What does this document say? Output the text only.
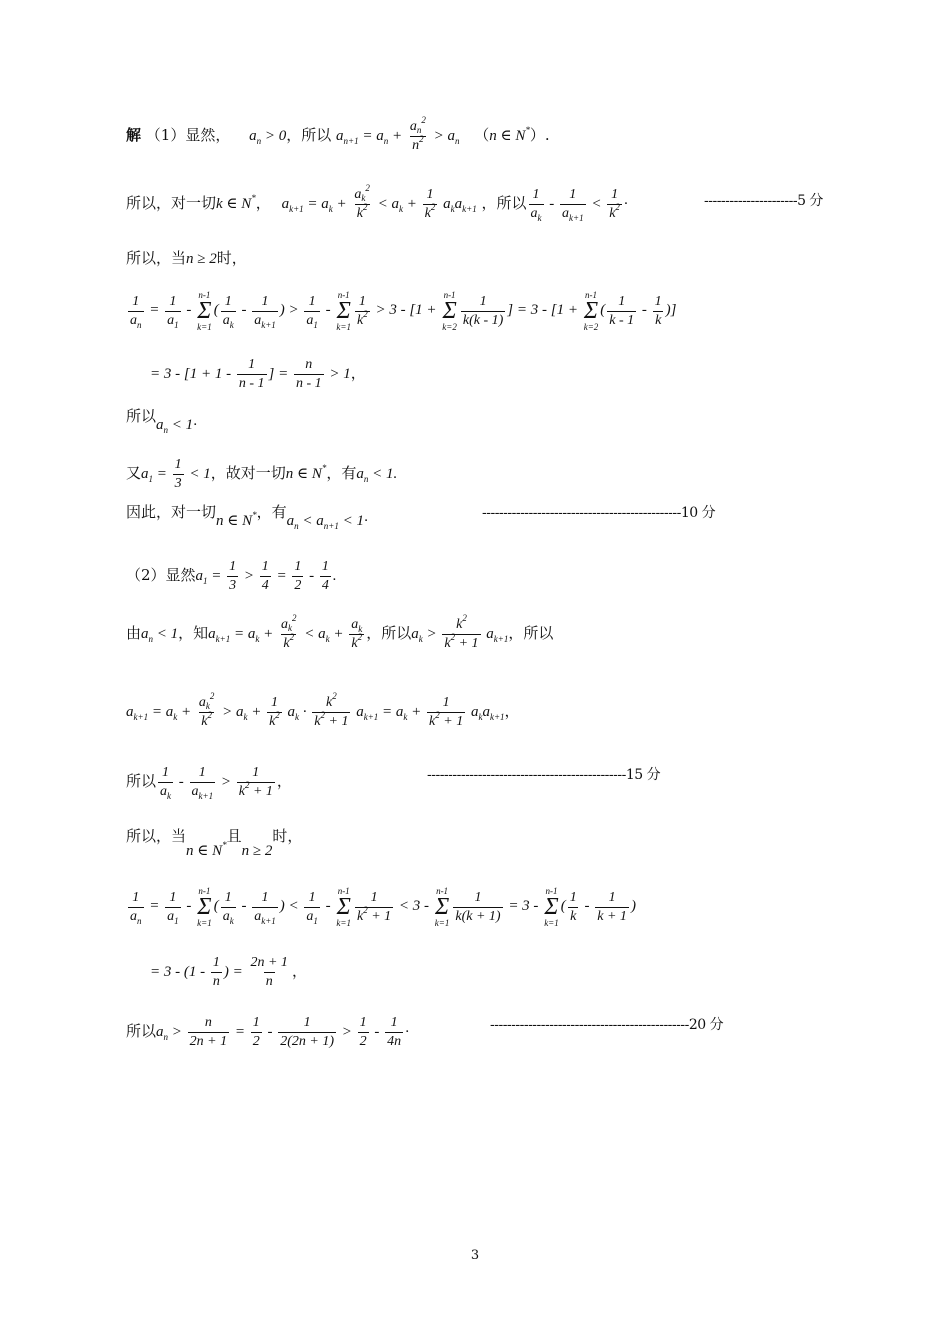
解 （1）显然， $a_n > 0$，所以 $a_{n+1} = a_n + \frac{a_n^2}{n^2} > a_n$ （n ∈ N*）.
所以，对一切k ∈ N*， $a_{k+1} = a_k + \frac{a_k^2}{k^2} < a_k + \frac{1}{k^2} a_ka_{k+1}$ ，所以 $\frac{1}{a_k} - \frac{1}{a_{k+1}} < \frac{1}{k^2}$ ·	----------------------5 分
所以，当n ≥ 2时，
$\frac{1}{a_n} = \frac{1}{a_1}$ -
n-1
Σ
k=1
( $\frac{1}{a_k} - \frac{1}{a_{k+1}}$ ) > $\frac{1}{a_1}$ -
n-1
Σ
$k=1 \frac{1}{k^2} > 3 - [1$ +
n-1
Σ
$k=2 \frac{1}{k(k - 1)}$ ] = 3 - [1 +
n-1
Σ
k=2
( $\frac{1}{k - 1} - \frac{1}{k}$ )]
= $3 - [1 + 1 - \frac{1}{n - 1}$ ] = $\frac{n}{n - 1} > 1$，
所以$a_n < 1\cdot$
又$a_1 = \frac{1}{3} < 1$，故对一切n ∈ N*，有$a_n < 1$.
因此，对一切n ∈ N*，有$a_n < a_{n+1} < 1\cdot$	-----------------------------------------------10 分
（2）显然$a_1 = \frac{1}{3} > \frac{1}{4} = \frac{1}{2} - \frac{1}{4}$ .
由$a_n < 1$，知$a_{k+1} = a_k + \frac{a_k^2}{k^2} < a_k + \frac{a_k}{k^2}$ ，所以$a_k > \frac{k^2}{k^2 + 1} a_{k+1}$，所以
$a_{k+1} = a_k + \frac{a_k^2}{k^2} > a_k + \frac{1}{k^2} a_k \cdot \frac{k^2}{k^2 + 1} a_{k+1} = a_k + \frac{1}{k^2 + 1} a_ka_{k+1}$，
所以 $\frac{1}{a_k} - \frac{1}{a_{k+1}} > \frac{1}{k^2 + 1}$ ，	-----------------------------------------------15 分
所以，当n ∈ N*且n ≥ 2时，
$\frac{1}{a_n} = \frac{1}{a_1}$ -
n-1
Σ
k=1
( $\frac{1}{a_k} - \frac{1}{a_{k+1}}$ ) < $\frac{1}{a_1}$ -
n-1
Σ
$k=1 \frac{1}{k^2 + 1} < 3$ -
n-1
Σ
$k=1 \frac{1}{k(k + 1)} = 3$ -
n-1
Σ
k=1
( $\frac{1}{k} - \frac{1}{k + 1}$ )
= $3 - (1 - \frac{1}{n}$ ) = $\frac{2n + 1}{n}$ ，
所以$a_n > \frac{n}{2n + 1} = \frac{1}{2} - \frac{1}{2(2n + 1)} > \frac{1}{2} - \frac{1}{4n}$ ·	-----------------------------------------------20 分
3
